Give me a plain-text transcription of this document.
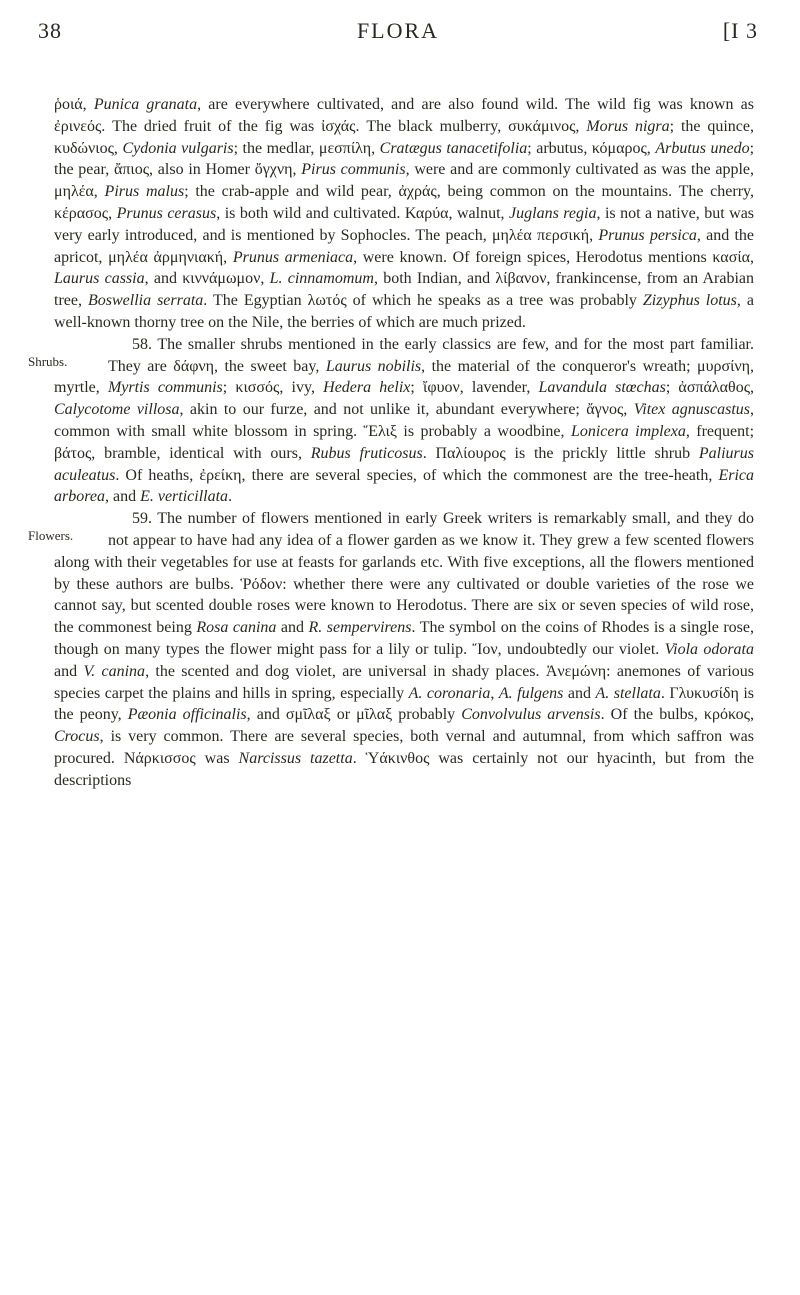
38	FLORA	[I 3

ῥοιά, Punica granata, are everywhere cultivated, and are also found wild. The wild fig was known as ἐρινεός. The dried fruit of the fig was ἰσχάς. The black mulberry, συκάμινος, Morus nigra; the quince, κυδώνιος, Cydonia vulgaris; the medlar, μεσπίλη, Cratægus tanacetifolia; arbutus, κόμαρος, Arbutus unedo; the pear, ἄπιος, also in Homer ὄγχνη, Pirus communis, were and are commonly cultivated as was the apple, μηλέα, Pirus malus; the crab-apple and wild pear, ἀχράς, being common on the mountains. The cherry, κέρασος, Prunus cerasus, is both wild and cultivated. Καρύα, walnut, Juglans regia, is not a native, but was very early introduced, and is mentioned by Sophocles. The peach, μηλέα περσική, Prunus persica, and the apricot, μηλέα ἀρμηνιακή, Prunus armeniaca, were known. Of foreign spices, Herodotus mentions κασία, Laurus cassia, and κιννάμωμον, L. cinnamomum, both Indian, and λίβανον, frankincense, from an Arabian tree, Boswellia serrata. The Egyptian λωτός of which he speaks as a tree was probably Zizyphus lotus, a well-known thorny tree on the Nile, the berries of which are much prized.

Shrubs.
58. The smaller shrubs mentioned in the early classics are few, and for the most part familiar. They are δάφνη, the sweet bay, Laurus nobilis, the material of the conqueror's wreath; μυρσίνη, myrtle, Myrtis communis; κισσός, ivy, Hedera helix; ἴφυον, lavender, Lavandula stœchas; ἀσπάλαθος, Calycotome villosa, akin to our furze, and not unlike it, abundant everywhere; ἄγνος, Vitex agnuscastus, common with small white blossom in spring. Ἕλιξ is probably a woodbine, Lonicera implexa, frequent; βάτος, bramble, identical with ours, Rubus fruticosus. Παλίουρος is the prickly little shrub Paliurus aculeatus. Of heaths, ἐρείκη, there are several species, of which the commonest are the tree-heath, Erica arborea, and E. verticillata.

Flowers.
59. The number of flowers mentioned in early Greek writers is remarkably small, and they do not appear to have had any idea of a flower garden as we know it. They grew a few scented flowers along with their vegetables for use at feasts for garlands etc. With five exceptions, all the flowers mentioned by these authors are bulbs. Ῥόδον: whether there were any cultivated or double varieties of the rose we cannot say, but scented double roses were known to Herodotus. There are six or seven species of wild rose, the commonest being Rosa canina and R. sempervirens. The symbol on the coins of Rhodes is a single rose, though on many types the flower might pass for a lily or tulip. Ἴον, undoubtedly our violet. Viola odorata and V. canina, the scented and dog violet, are universal in shady places. Ἀνεμώνη: anemones of various species carpet the plains and hills in spring, especially A. coronaria, A. fulgens and A. stellata. Γλυκυσίδη is the peony, Pæonia officinalis, and σμῖλαξ or μῖλαξ probably Convolvulus arvensis. Of the bulbs, κρόκος, Crocus, is very common. There are several species, both vernal and autumnal, from which saffron was procured. Νάρκισσος was Narcissus tazetta. Ὑάκινθος was certainly not our hyacinth, but from the descriptions
